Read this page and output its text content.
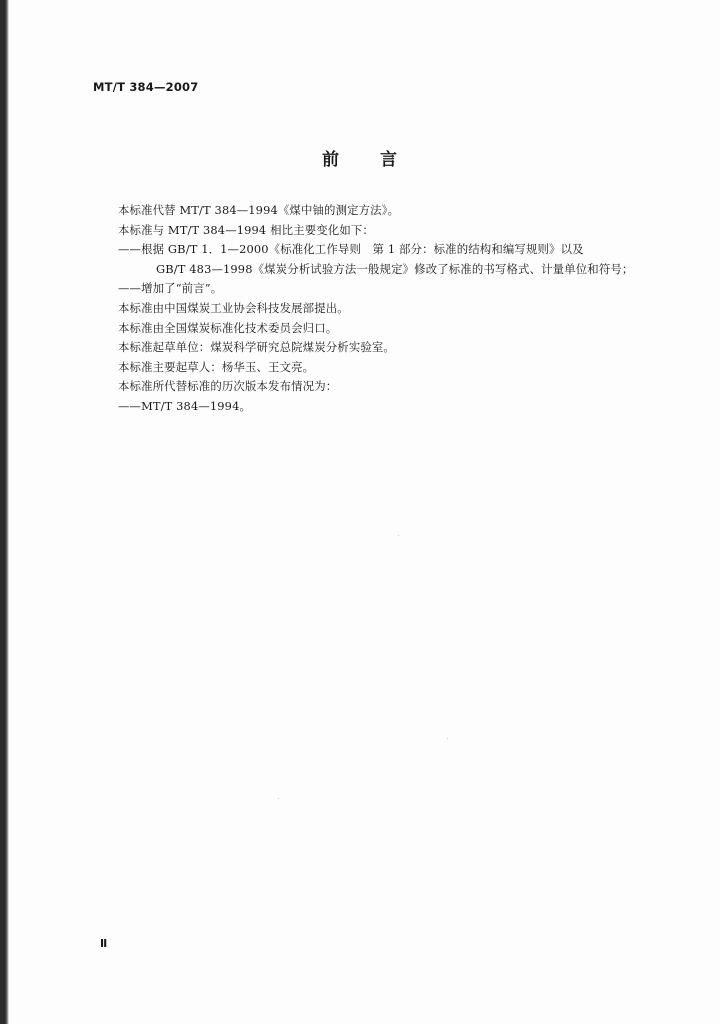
MT/T 384—2007
前 言
本标准代替 MT/T 384—1994《煤中铀的测定方法》。
本标准与 MT/T 384—1994 相比主要变化如下：
——根据 GB/T 1．1—2000《标准化工作导则　第 1 部分：标准的结构和编写规则》以及
GB/T 483—1998《煤炭分析试验方法一般规定》修改了标准的书写格式、计量单位和符号；
——增加了“前言”。
本标准由中国煤炭工业协会科技发展部提出。
本标准由全国煤炭标准化技术委员会归口。
本标准起草单位：煤炭科学研究总院煤炭分析实验室。
本标准主要起草人：杨华玉、王文亮。
本标准所代替标准的历次版本发布情况为：
——MT/T 384—1994。
Ⅱ
